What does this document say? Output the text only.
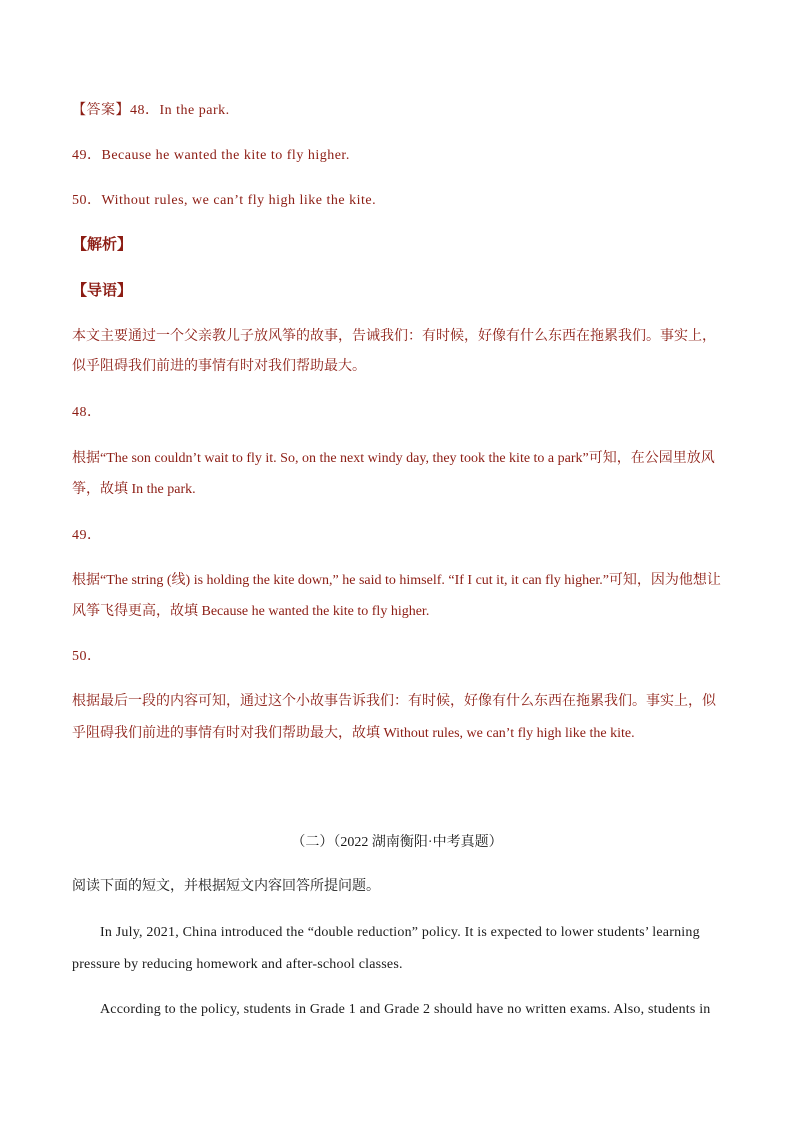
【答案】48．In the park.
49．Because he wanted the kite to fly higher.
50．Without rules, we can’t fly high like the kite.
【解析】
【导语】
本文主要通过一个父亲教儿子放风筝的故事，告诫我们：有时候，好像有什么东西在拖累我们。事实上，
似乎阻碍我们前进的事情有时对我们帮助最大。
48．
根据“The son couldn’t wait to fly it. So, on the next windy day, they took the kite to a park”可知，在公园里放风
筝，故填 In the park.
49．
根据“The string (线) is holding the kite down,” he said to himself. “If I cut it, it can fly higher.”可知，因为他想让
风筝飞得更高，故填 Because he wanted the kite to fly higher.
50．
根据最后一段的内容可知，通过这个小故事告诉我们：有时候，好像有什么东西在拖累我们。事实上，似
乎阻碍我们前进的事情有时对我们帮助最大，故填 Without rules, we can’t fly high like the kite.
（二）（2022 湖南衡阳·中考真题）
阅读下面的短文，并根据短文内容回答所提问题。
In July, 2021, China introduced the “double reduction” policy. It is expected to lower students’ learning
pressure by reducing homework and after-school classes.
According to the policy, students in Grade 1 and Grade 2 should have no written exams. Also, students in
